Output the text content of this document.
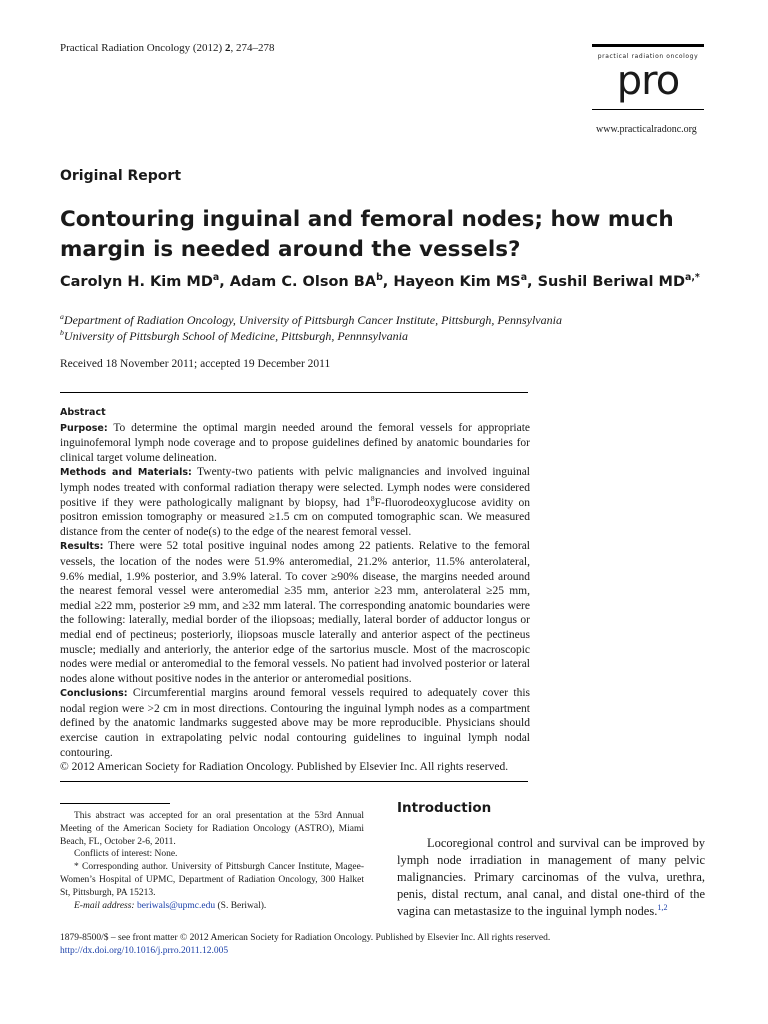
Practical Radiation Oncology (2012) 2, 274–278
practical radiation oncology
pro
www.practicalradonc.org
Original Report
Contouring inguinal and femoral nodes; how much margin is needed around the vessels?
Carolyn H. Kim $MD^a$, Adam C. Olson $BA^b$, Hayeon Kim $MS^a$, Sushil Beriwal $MD^{a,*}$
$^a$Department of Radiation Oncology, University of Pittsburgh Cancer Institute, Pittsburgh, Pennsylvania
$^b$University of Pittsburgh School of Medicine, Pittsburgh, Pennnsylvania
Received 18 November 2011; accepted 19 December 2011

Abstract

Purpose: To determine the optimal margin needed around the femoral vessels for appropriate inguinofemoral lymph node coverage and to propose guidelines defined by anatomic boundaries for clinical target volume delineation.

Methods and Materials: Twenty-two patients with pelvic malignancies and involved inguinal lymph nodes treated with conformal radiation therapy were selected. Lymph nodes were considered positive if they were pathologically malignant by biopsy, had $1^8F$-fluorodeoxyglucose avidity on positron emission tomography or measured ≥1.5 cm on computed tomographic scan. We measured distance from the center of node(s) to the edge of the nearest femoral vessel.

Results: There were 52 total positive inguinal nodes among 22 patients. Relative to the femoral vessels, the location of the nodes were 51.9% anteromedial, 21.2% anterior, 11.5% anterolateral, 9.6% medial, 1.9% posterior, and 3.9% lateral. To cover ≥90% disease, the margins needed around the nearest femoral vessel were anteromedial ≥35 mm, anterior ≥23 mm, anterolateral ≥25 mm, medial ≥22 mm, posterior ≥9 mm, and ≥32 mm lateral. The corresponding anatomic boundaries were the following: laterally, medial border of the iliopsoas; medially, lateral border of adductor longus or medial end of pectineus; posteriorly, iliopsoas muscle laterally and anterior aspect of the pectineus muscle; medially and anteriorly, the anterior edge of the sartorius muscle. Most of the macroscopic nodes were medial or anteromedial to the femoral vessels. No patient had involved posterior or lateral nodes alone without positive nodes in the anterior or anteromedial positions.

Conclusions: Circumferential margins around femoral vessels required to adequately cover this nodal region were >2 cm in most directions. Contouring the inguinal lymph nodes as a compartment defined by the anatomic landmarks suggested above may be more reproducible. Physicians should exercise caution in extrapolating pelvic nodal contouring guidelines to inguinal lymph nodal contouring.

© 2012 American Society for Radiation Oncology. Published by Elsevier Inc. All rights reserved.

This abstract was accepted for an oral presentation at the 53rd Annual Meeting of the American Society for Radiation Oncology (ASTRO), Miami Beach, FL, October 2-6, 2011.

Conflicts of interest: None.

* Corresponding author. University of Pittsburgh Cancer Institute, Magee-Women’s Hospital of UPMC, Department of Radiation Oncology, 300 Halket St, Pittsburgh, PA 15213.

E-mail address: beriwals@upmc.edu (S. Beriwal).

Introduction
Locoregional control and survival can be improved by lymph node irradiation in management of many pelvic malignancies. Primary carcinomas of the vulva, urethra, penis, distal rectum, anal canal, and distal one-third of the vagina can metastasize to the inguinal lymph nodes.$^{1,2}$
1879-8500/$ – see front matter © 2012 American Society for Radiation Oncology. Published by Elsevier Inc. All rights reserved.
http://dx.doi.org/10.1016/j.prro.2011.12.005
